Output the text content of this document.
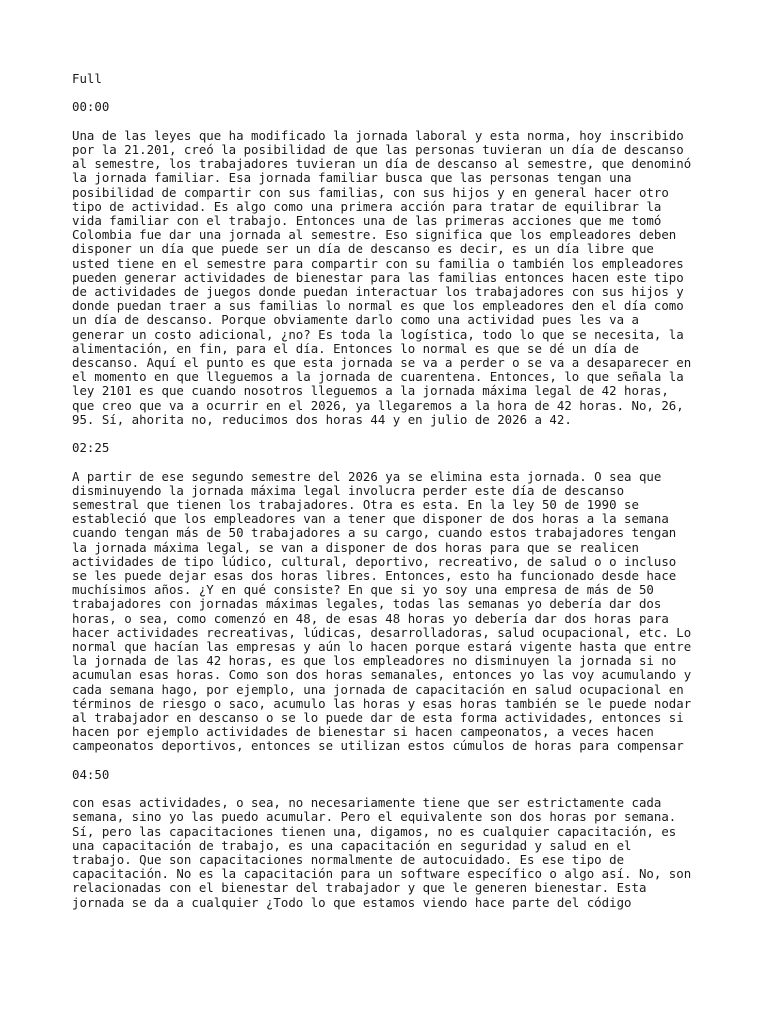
Full
00:00
Una de las leyes que ha modificado la jornada laboral y esta norma, hoy inscribido
por la 21.201, creó la posibilidad de que las personas tuvieran un día de descanso
al semestre, los trabajadores tuvieran un día de descanso al semestre, que denominó
la jornada familiar. Esa jornada familiar busca que las personas tengan una
posibilidad de compartir con sus familias, con sus hijos y en general hacer otro
tipo de actividad. Es algo como una primera acción para tratar de equilibrar la
vida familiar con el trabajo. Entonces una de las primeras acciones que me tomó
Colombia fue dar una jornada al semestre. Eso significa que los empleadores deben
disponer un día que puede ser un día de descanso es decir, es un día libre que
usted tiene en el semestre para compartir con su familia o también los empleadores
pueden generar actividades de bienestar para las familias entonces hacen este tipo
de actividades de juegos donde puedan interactuar los trabajadores con sus hijos y
donde puedan traer a sus familias lo normal es que los empleadores den el día como
un día de descanso. Porque obviamente darlo como una actividad pues les va a
generar un costo adicional, ¿no? Es toda la logística, todo lo que se necesita, la
alimentación, en fin, para el día. Entonces lo normal es que se dé un día de
descanso. Aquí el punto es que esta jornada se va a perder o se va a desaparecer en
el momento en que lleguemos a la jornada de cuarentena. Entonces, lo que señala la
ley 2101 es que cuando nosotros lleguemos a la jornada máxima legal de 42 horas,
que creo que va a ocurrir en el 2026, ya llegaremos a la hora de 42 horas. No, 26,
95. Sí, ahorita no, reducimos dos horas 44 y en julio de 2026 a 42.
02:25
A partir de ese segundo semestre del 2026 ya se elimina esta jornada. O sea que
disminuyendo la jornada máxima legal involucra perder este día de descanso
semestral que tienen los trabajadores. Otra es esta. En la ley 50 de 1990 se
estableció que los empleadores van a tener que disponer de dos horas a la semana
cuando tengan más de 50 trabajadores a su cargo, cuando estos trabajadores tengan
la jornada máxima legal, se van a disponer de dos horas para que se realicen
actividades de tipo lúdico, cultural, deportivo, recreativo, de salud o o incluso
se les puede dejar esas dos horas libres. Entonces, esto ha funcionado desde hace
muchísimos años. ¿Y en qué consiste? En que si yo soy una empresa de más de 50
trabajadores con jornadas máximas legales, todas las semanas yo debería dar dos
horas, o sea, como comenzó en 48, de esas 48 horas yo debería dar dos horas para
hacer actividades recreativas, lúdicas, desarrolladoras, salud ocupacional, etc. Lo
normal que hacían las empresas y aún lo hacen porque estará vigente hasta que entre
la jornada de las 42 horas, es que los empleadores no disminuyen la jornada si no
acumulan esas horas. Como son dos horas semanales, entonces yo las voy acumulando y
cada semana hago, por ejemplo, una jornada de capacitación en salud ocupacional en
términos de riesgo o saco, acumulo las horas y esas horas también se le puede nodar
al trabajador en descanso o se lo puede dar de esta forma actividades, entonces si
hacen por ejemplo actividades de bienestar si hacen campeonatos, a veces hacen
campeonatos deportivos, entonces se utilizan estos cúmulos de horas para compensar
04:50
con esas actividades, o sea, no necesariamente tiene que ser estrictamente cada
semana, sino yo las puedo acumular. Pero el equivalente son dos horas por semana.
Sí, pero las capacitaciones tienen una, digamos, no es cualquier capacitación, es
una capacitación de trabajo, es una capacitación en seguridad y salud en el
trabajo. Que son capacitaciones normalmente de autocuidado. Es ese tipo de
capacitación. No es la capacitación para un software específico o algo así. No, son
relacionadas con el bienestar del trabajador y que le generen bienestar. Esta
jornada se da a cualquier ¿Todo lo que estamos viendo hace parte del código
